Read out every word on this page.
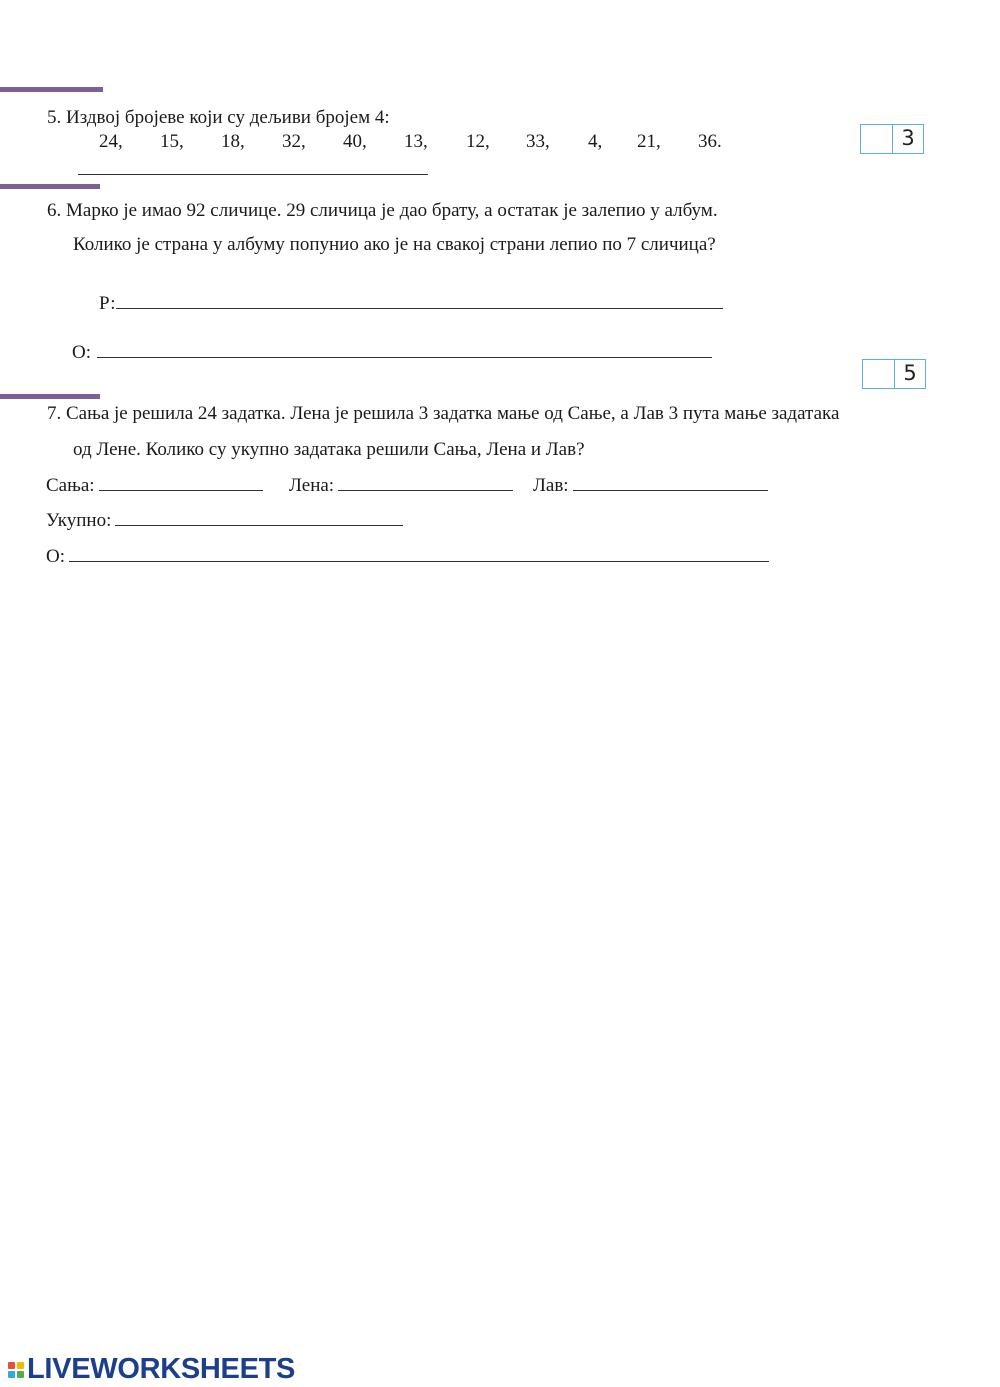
5. Издвој бројеве који су дељиви бројем 4:
24, 15, 18, 32, 40, 13, 12, 33, 4, 21, 36.	3
6. Марко је имао 92 сличице. 29 сличица је дао брату, а остатак је залепио у албум.
Колико је страна у албуму попунио ако је на свакој страни лепио по 7 сличица?
Р:
О:
5
7. Сања је решила 24 задатка. Лена је решила 3 задатка мање од Сање, а Лав 3 пута мање задатака
од Лене. Колико су укупно задатака решили Сања, Лена и Лав?
Сања:	Лена:	Лав:
Укупно:
О:
LIVEWORKSHEETS
